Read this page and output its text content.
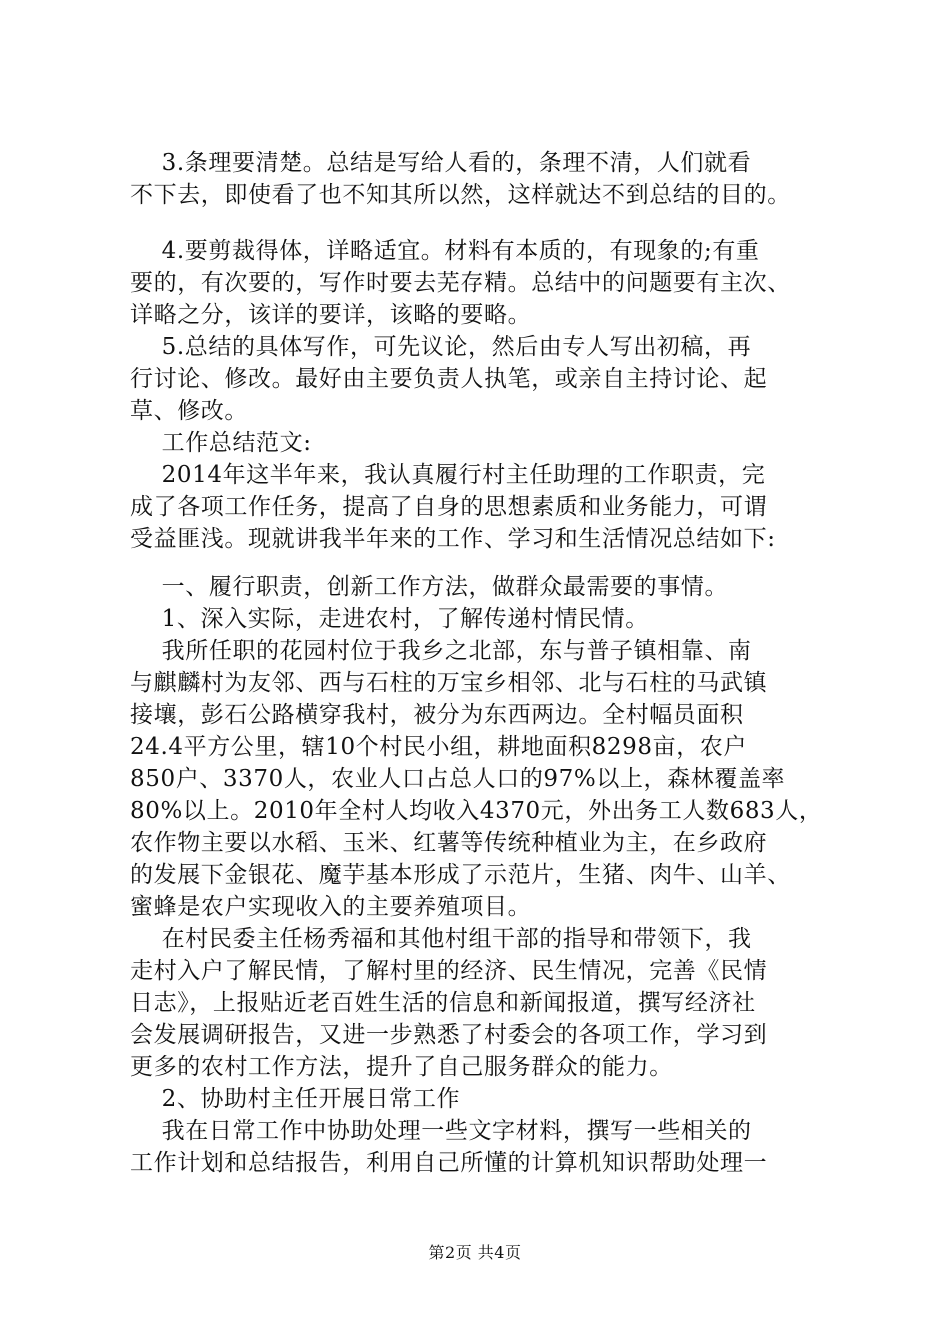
3.条理要清楚。总结是写给人看的，条理不清，人们就看
不下去，即使看了也不知其所以然，这样就达不到总结的目的。
4.要剪裁得体，详略适宜。材料有本质的，有现象的;有重
要的，有次要的，写作时要去芜存精。总结中的问题要有主次、
详略之分，该详的要详，该略的要略。
5.总结的具体写作，可先议论，然后由专人写出初稿，再
行讨论、修改。最好由主要负责人执笔，或亲自主持讨论、起
草、修改。
工作总结范文:
2014年这半年来，我认真履行村主任助理的工作职责，完
成了各项工作任务，提高了自身的思想素质和业务能力，可谓
受益匪浅。现就讲我半年来的工作、学习和生活情况总结如下:
一、履行职责，创新工作方法，做群众最需要的事情。
1、深入实际，走进农村，了解传递村情民情。
我所任职的花园村位于我乡之北部，东与普子镇相靠、南
与麒麟村为友邻、西与石柱的万宝乡相邻、北与石柱的马武镇
接壤，彭石公路横穿我村，被分为东西两边。全村幅员面积
24.4平方公里，辖10个村民小组，耕地面积8298亩，农户
850户、3370人，农业人口占总人口的97%以上，森林覆盖率
80%以上。2010年全村人均收入4370元，外出务工人数683人，
农作物主要以水稻、玉米、红薯等传统种植业为主，在乡政府
的发展下金银花、魔芋基本形成了示范片，生猪、肉牛、山羊、
蜜蜂是农户实现收入的主要养殖项目。
在村民委主任杨秀福和其他村组干部的指导和带领下，我
走村入户了解民情，了解村里的经济、民生情况，完善《民情
日志》，上报贴近老百姓生活的信息和新闻报道，撰写经济社
会发展调研报告，又进一步熟悉了村委会的各项工作，学习到
更多的农村工作方法，提升了自己服务群众的能力。
2、协助村主任开展日常工作
我在日常工作中协助处理一些文字材料，撰写一些相关的
工作计划和总结报告，利用自己所懂的计算机知识帮助处理一
第2页 共4页
